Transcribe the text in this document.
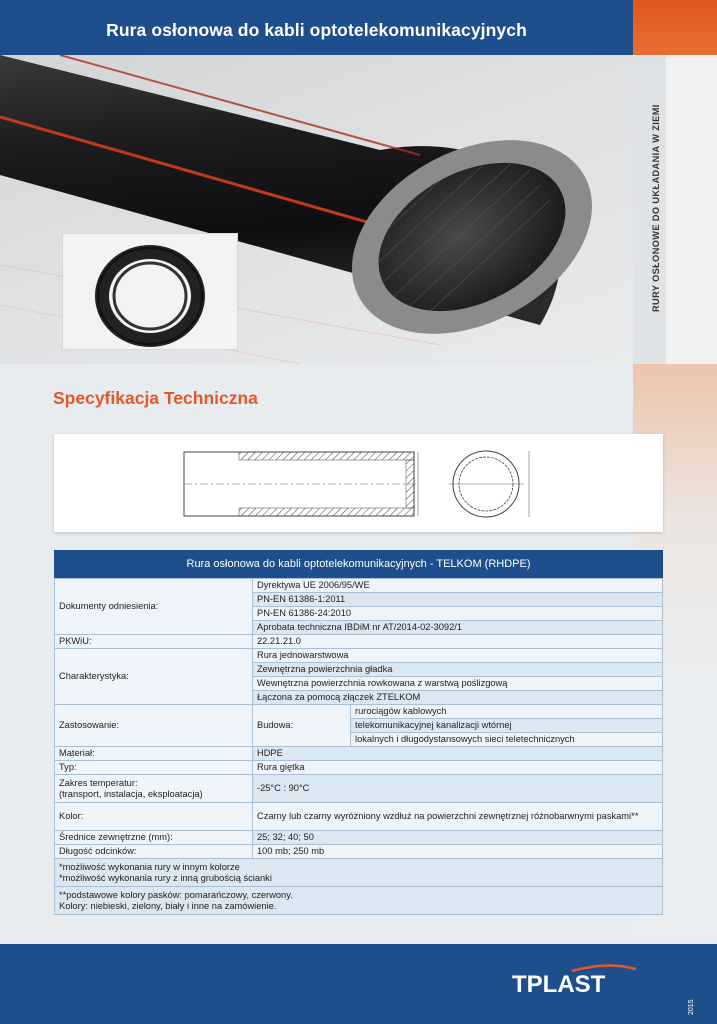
Rura osłonowa do kabli optotelekomunikacyjnych
RURY OSŁONOWE DO UKŁADANIA W ZIEMI
Specyfikacja Techniczna
Rura osłonowa do kabli optotelekomunikacyjnych - TELKOM (RHDPE)
Dokumenty odniesienia:	Dyrektywa UE 2006/95/WE	
	PN-EN 61386-1:2011	
	PN-EN 61386-24:2010	
	Aprobata techniczna IBDiM nr AT/2014-02-3092/1	
PKWiU:	22.21.21.0	
Charakterystyka:	Rura jednowarstwowa	
	Zewnętrzna powierzchnia gładka	
	Wewnętrzna powierzchnia rowkowana z warstwą poślizgową	
	Łączona za pomocą złączek ZTELKOM	
Zastosowanie:	Budowa:	rurociągów kablowych
		telekomunikacyjnej kanalizacji wtórnej
		lokalnych i długodystansowych sieci teletechnicznych
Materiał:	HDPE	
Typ:	Rura giętka	
Zakres temperatur:
(transport, instalacja, eksploatacja)	-25°C : 90°C	
Kolor:	Czarny lub czarny wyróżniony wzdłuż na powierzchni zewnętrznej różnobarwnymi paskami**	
Średnice zewnętrzne (mm):	25; 32; 40; 50	
Długość odcinków:	100 mb; 250 mb	
*możliwość wykonania rury w innym kolorze
*możliwość wykonania rury z inną grubością ścianki		
**podstawowe kolory pasków: pomarańczowy, czerwony.
Kolory: niebieski, zielony, biały i inne na zamówienie.		
TPLAST
2015
